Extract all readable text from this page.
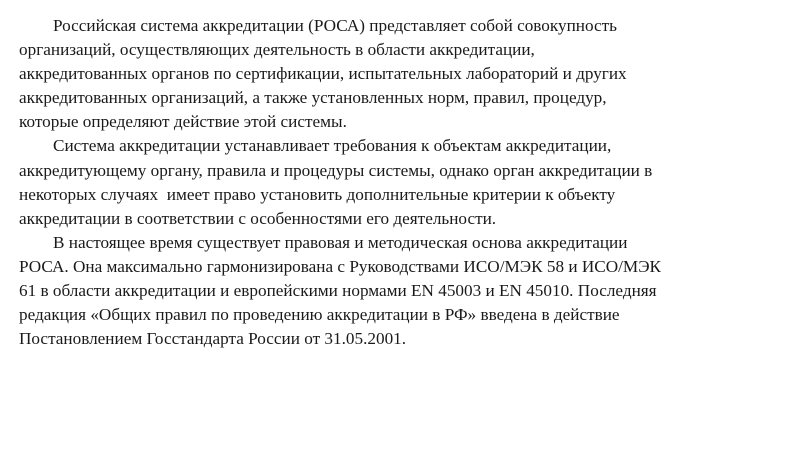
Российская система аккредитации (РОСА) представляет собой совокупность
организаций, осуществляющих деятельность в области аккредитации,
аккредитованных органов по сертификации, испытательных лабораторий и других
аккредитованных организаций, а также установленных норм, правил, процедур,
которые определяют действие этой системы.
Система аккредитации устанавливает требования к объектам аккредитации,
аккредитующему органу, правила и процедуры системы, однако орган аккредитации в
некоторых случаях  имеет право установить дополнительные критерии к объекту
аккредитации в соответствии с особенностями его деятельности.
В настоящее время существует правовая и методическая основа аккредитации
РОСА. Она максимально гармонизирована с Руководствами ИСО/МЭК 58 и ИСО/МЭК
61 в области аккредитации и европейскими нормами EN 45003 и EN 45010. Последняя
редакция «Общих правил по проведению аккредитации в РФ» введена в действие
Постановлением Госстандарта России от 31.05.2001.
